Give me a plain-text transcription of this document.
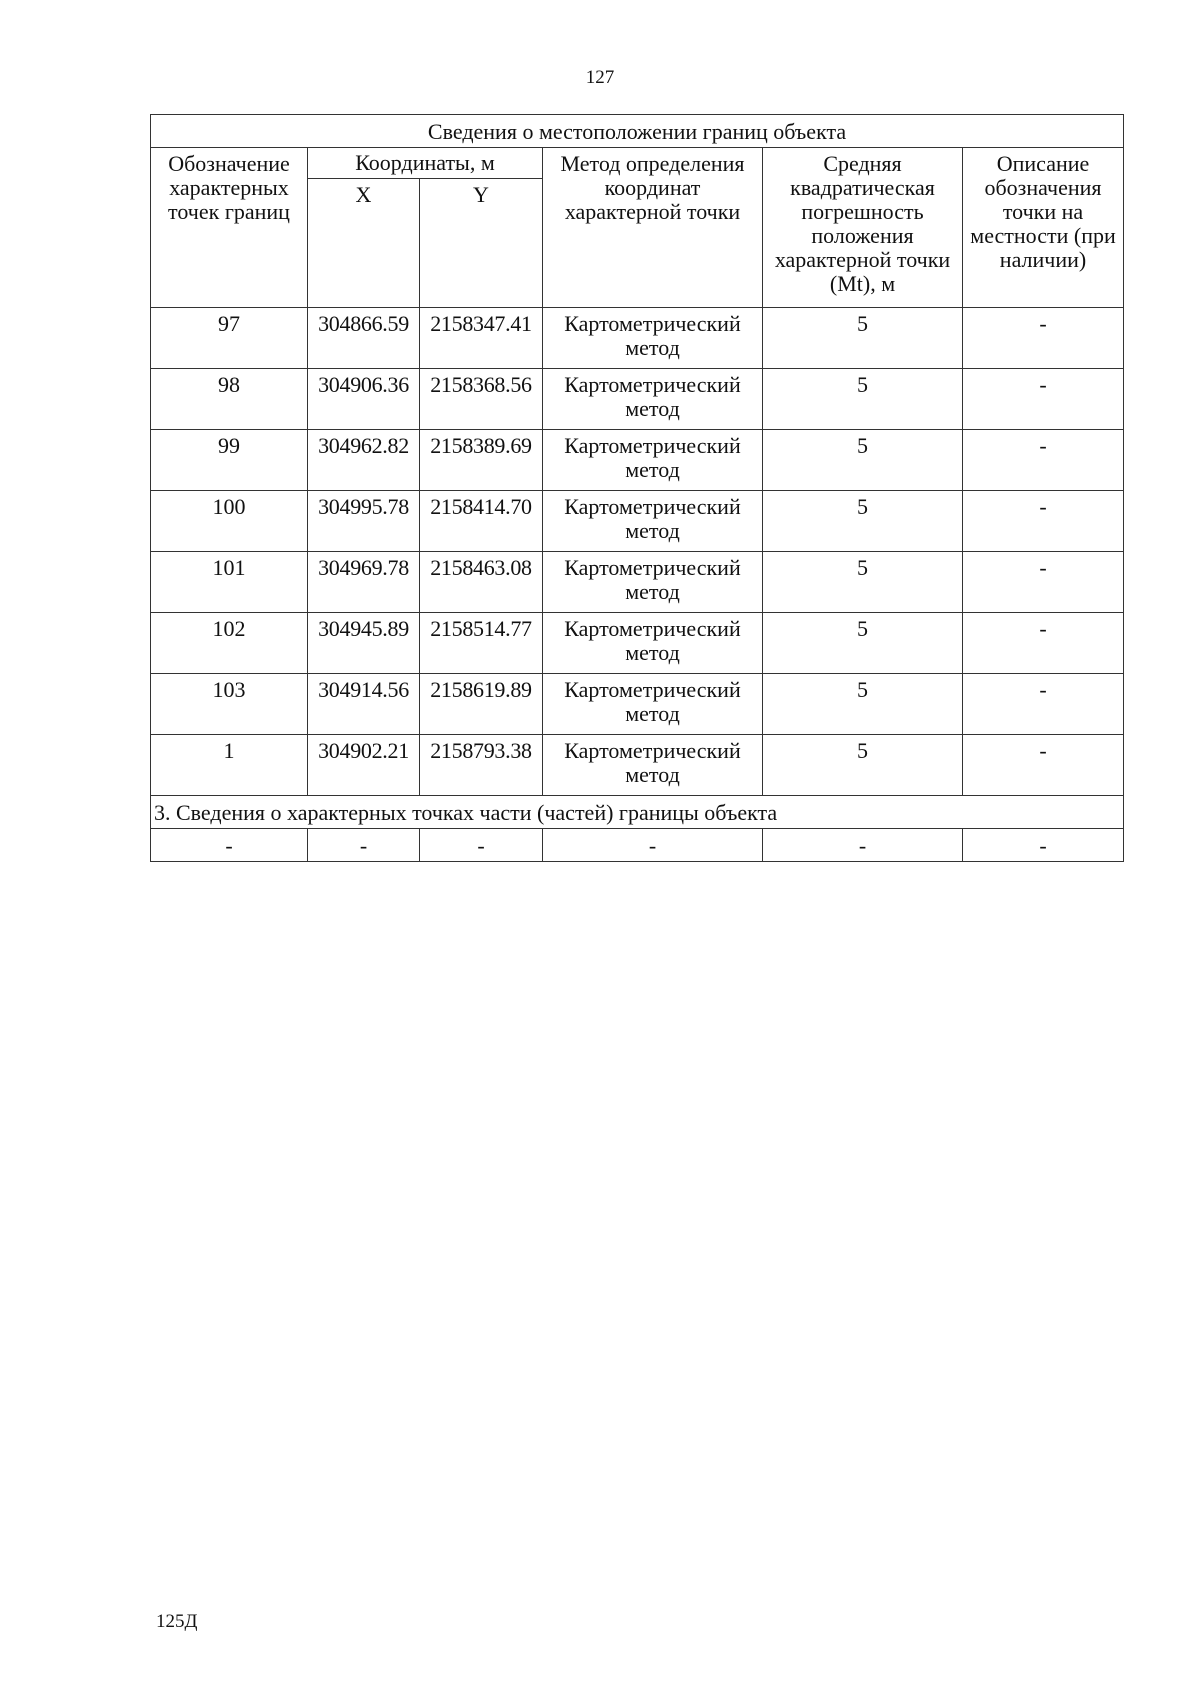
127
Сведения о местоположении границ объекта					
Обозначение характерных точек границ	Координаты, м		Метод определения координат характерной точки	Средняя квадратическая погрешность положения характерной точки (Mt), м	Описание обозначения точки на местности (при наличии)
	X	Y			
97	304866.59	2158347.41	Картометрический метод	5	-
98	304906.36	2158368.56	Картометрический метод	5	-
99	304962.82	2158389.69	Картометрический метод	5	-
100	304995.78	2158414.70	Картометрический метод	5	-
101	304969.78	2158463.08	Картометрический метод	5	-
102	304945.89	2158514.77	Картометрический метод	5	-
103	304914.56	2158619.89	Картометрический метод	5	-
1	304902.21	2158793.38	Картометрический метод	5	-
3. Сведения о характерных точках части (частей) границы объекта					
-	-	-	-	-	-
125Д
